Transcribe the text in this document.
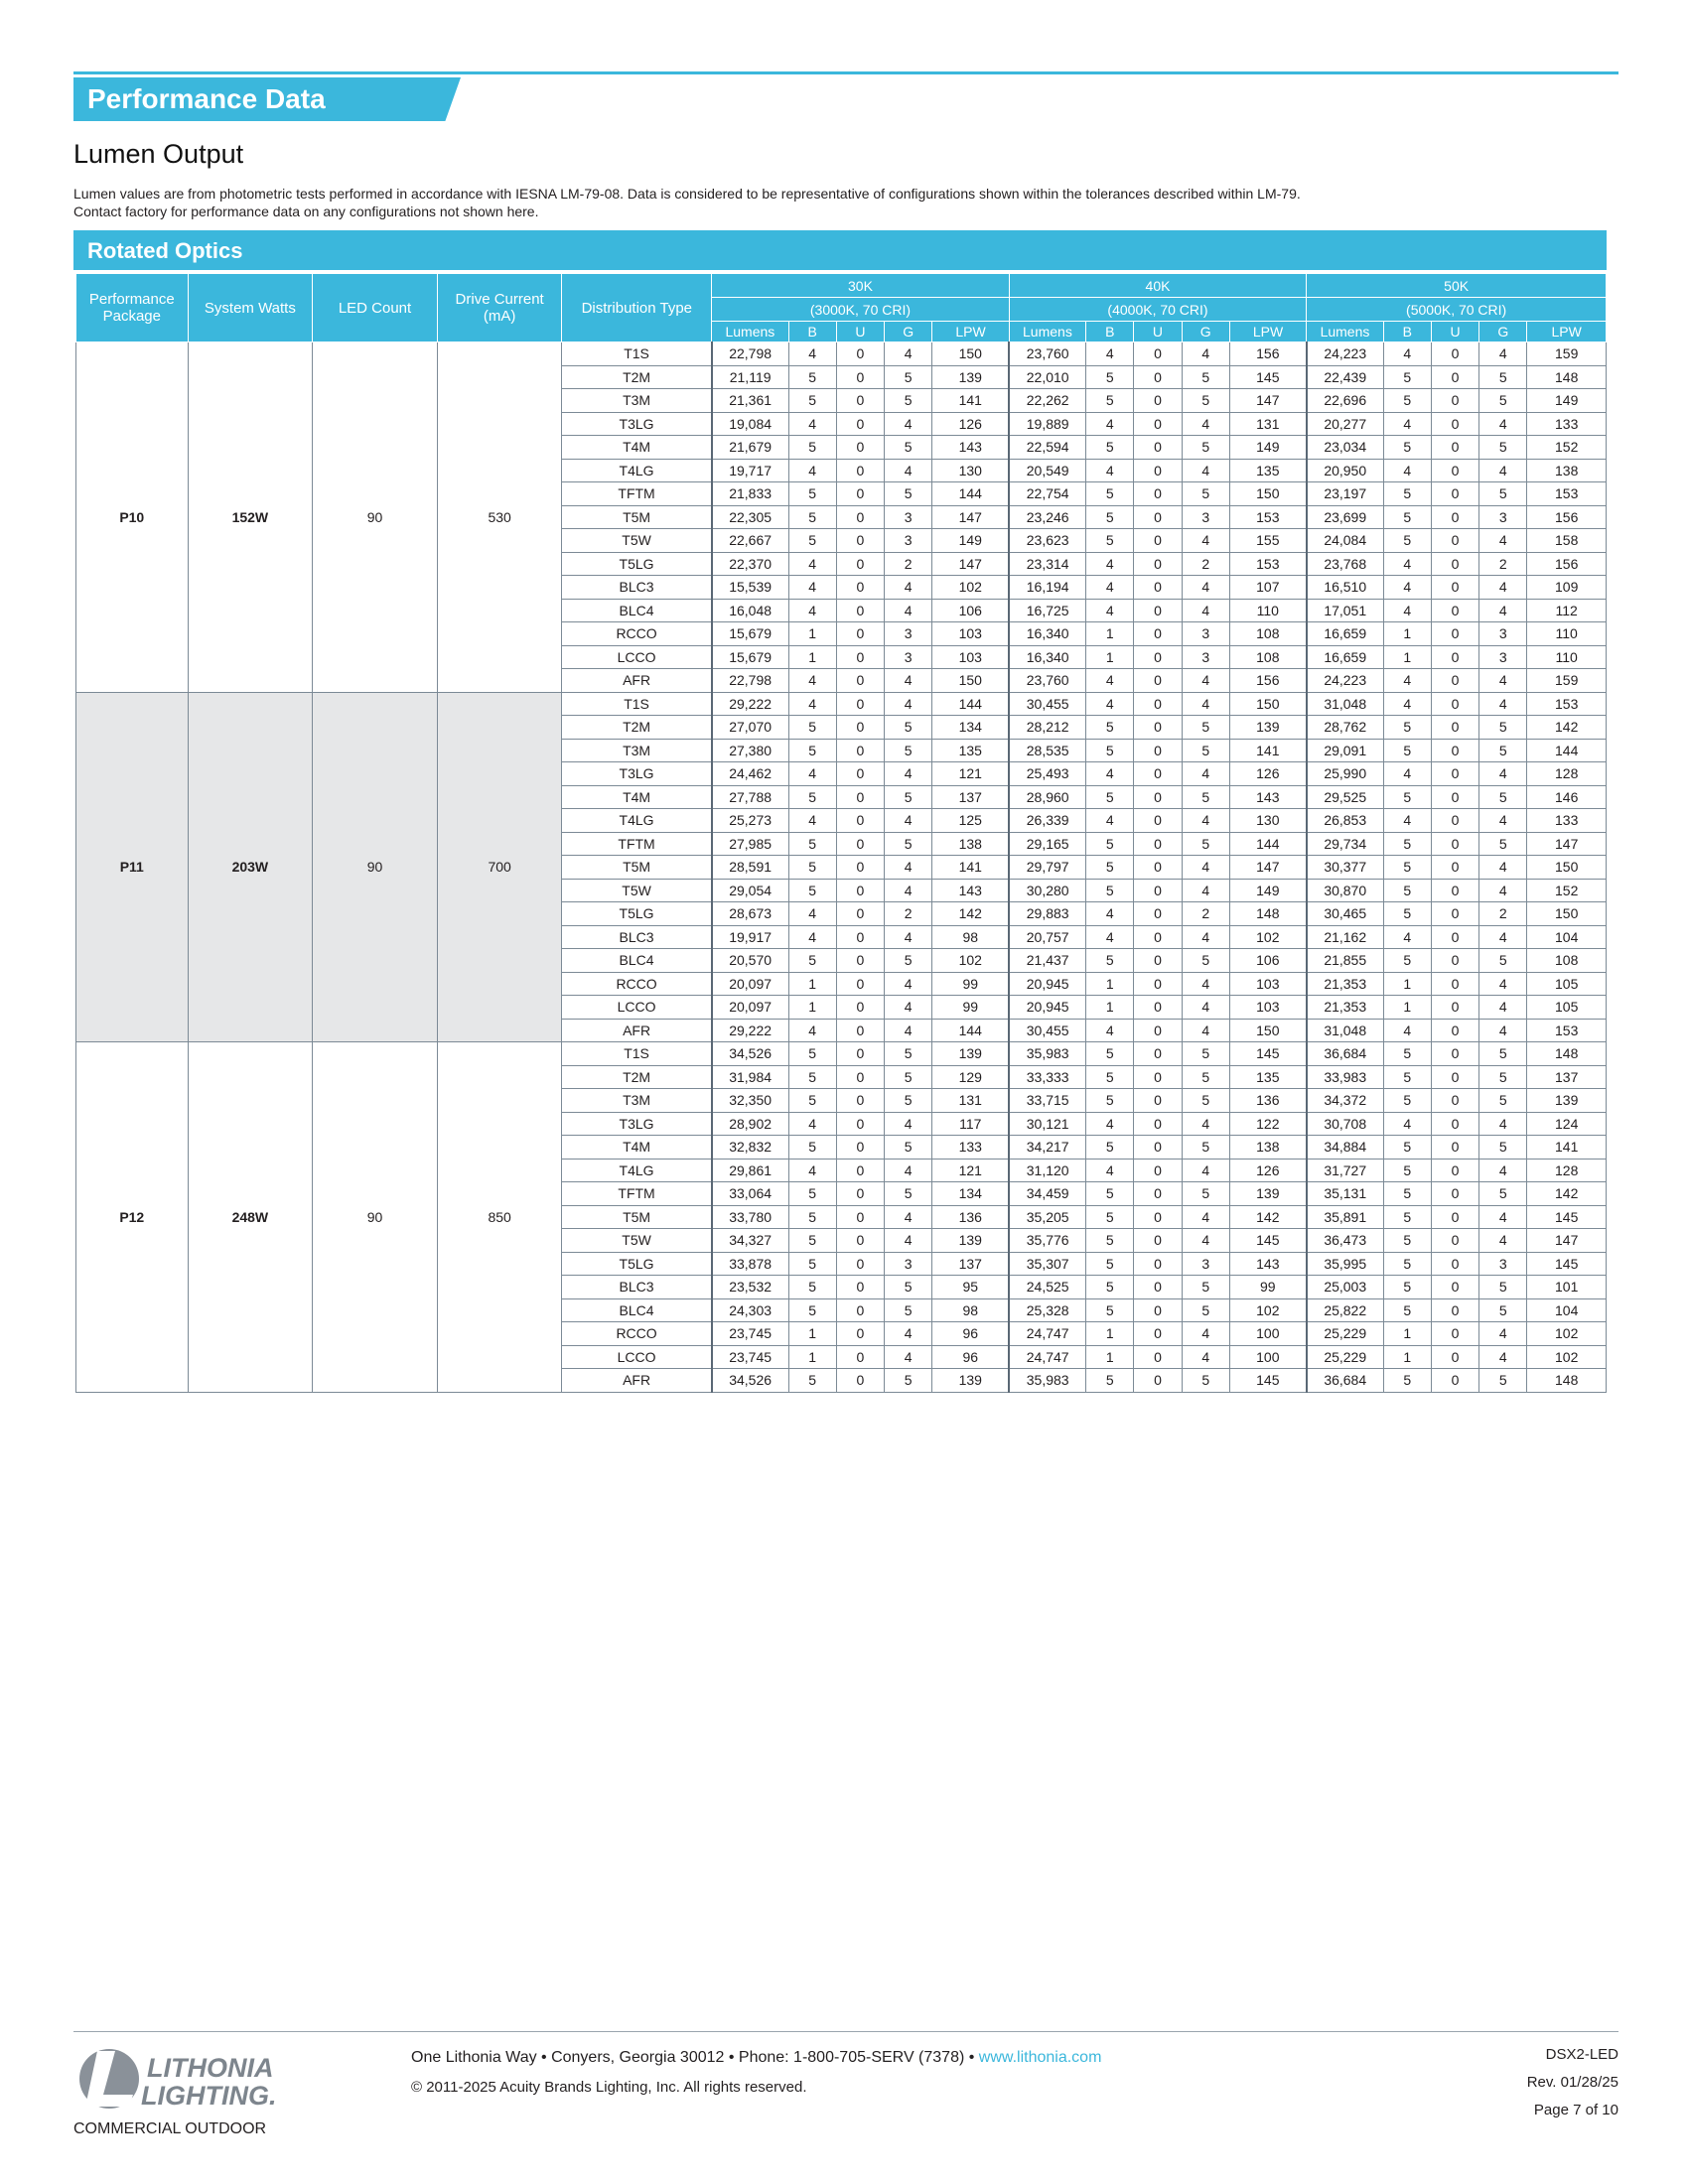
Performance Data
Lumen Output
Lumen values are from photometric tests performed in accordance with IESNA LM-79-08. Data is considered to be representative of configurations shown within the tolerances described within LM-79.
Contact factory for performance data on any configurations not shown here.
Rotated Optics
Performance Package	System Watts	LED Count	Drive Current (mA)	Distribution Type	30K					40K					50K				
					(3000K, 70 CRI)					(4000K, 70 CRI)					(5000K, 70 CRI)				
					Lumens	B	U	G	LPW	Lumens	B	U	G	LPW	Lumens	B	U	G	LPW
P10	152W	90	530	T1S	22,798	4	0	4	150	23,760	4	0	4	156	24,223	4	0	4	159
				T2M	21,119	5	0	5	139	22,010	5	0	5	145	22,439	5	0	5	148
				T3M	21,361	5	0	5	141	22,262	5	0	5	147	22,696	5	0	5	149
				T3LG	19,084	4	0	4	126	19,889	4	0	4	131	20,277	4	0	4	133
				T4M	21,679	5	0	5	143	22,594	5	0	5	149	23,034	5	0	5	152
				T4LG	19,717	4	0	4	130	20,549	4	0	4	135	20,950	4	0	4	138
				TFTM	21,833	5	0	5	144	22,754	5	0	5	150	23,197	5	0	5	153
				T5M	22,305	5	0	3	147	23,246	5	0	3	153	23,699	5	0	3	156
				T5W	22,667	5	0	3	149	23,623	5	0	4	155	24,084	5	0	4	158
				T5LG	22,370	4	0	2	147	23,314	4	0	2	153	23,768	4	0	2	156
				BLC3	15,539	4	0	4	102	16,194	4	0	4	107	16,510	4	0	4	109
				BLC4	16,048	4	0	4	106	16,725	4	0	4	110	17,051	4	0	4	112
				RCCO	15,679	1	0	3	103	16,340	1	0	3	108	16,659	1	0	3	110
				LCCO	15,679	1	0	3	103	16,340	1	0	3	108	16,659	1	0	3	110
				AFR	22,798	4	0	4	150	23,760	4	0	4	156	24,223	4	0	4	159
P11	203W	90	700	T1S	29,222	4	0	4	144	30,455	4	0	4	150	31,048	4	0	4	153
				T2M	27,070	5	0	5	134	28,212	5	0	5	139	28,762	5	0	5	142
				T3M	27,380	5	0	5	135	28,535	5	0	5	141	29,091	5	0	5	144
				T3LG	24,462	4	0	4	121	25,493	4	0	4	126	25,990	4	0	4	128
				T4M	27,788	5	0	5	137	28,960	5	0	5	143	29,525	5	0	5	146
				T4LG	25,273	4	0	4	125	26,339	4	0	4	130	26,853	4	0	4	133
				TFTM	27,985	5	0	5	138	29,165	5	0	5	144	29,734	5	0	5	147
				T5M	28,591	5	0	4	141	29,797	5	0	4	147	30,377	5	0	4	150
				T5W	29,054	5	0	4	143	30,280	5	0	4	149	30,870	5	0	4	152
				T5LG	28,673	4	0	2	142	29,883	4	0	2	148	30,465	5	0	2	150
				BLC3	19,917	4	0	4	98	20,757	4	0	4	102	21,162	4	0	4	104
				BLC4	20,570	5	0	5	102	21,437	5	0	5	106	21,855	5	0	5	108
				RCCO	20,097	1	0	4	99	20,945	1	0	4	103	21,353	1	0	4	105
				LCCO	20,097	1	0	4	99	20,945	1	0	4	103	21,353	1	0	4	105
				AFR	29,222	4	0	4	144	30,455	4	0	4	150	31,048	4	0	4	153
P12	248W	90	850	T1S	34,526	5	0	5	139	35,983	5	0	5	145	36,684	5	0	5	148
				T2M	31,984	5	0	5	129	33,333	5	0	5	135	33,983	5	0	5	137
				T3M	32,350	5	0	5	131	33,715	5	0	5	136	34,372	5	0	5	139
				T3LG	28,902	4	0	4	117	30,121	4	0	4	122	30,708	4	0	4	124
				T4M	32,832	5	0	5	133	34,217	5	0	5	138	34,884	5	0	5	141
				T4LG	29,861	4	0	4	121	31,120	4	0	4	126	31,727	5	0	4	128
				TFTM	33,064	5	0	5	134	34,459	5	0	5	139	35,131	5	0	5	142
				T5M	33,780	5	0	4	136	35,205	5	0	4	142	35,891	5	0	4	145
				T5W	34,327	5	0	4	139	35,776	5	0	4	145	36,473	5	0	4	147
				T5LG	33,878	5	0	3	137	35,307	5	0	3	143	35,995	5	0	3	145
				BLC3	23,532	5	0	5	95	24,525	5	0	5	99	25,003	5	0	5	101
				BLC4	24,303	5	0	5	98	25,328	5	0	5	102	25,822	5	0	5	104
				RCCO	23,745	1	0	4	96	24,747	1	0	4	100	25,229	1	0	4	102
				LCCO	23,745	1	0	4	96	24,747	1	0	4	100	25,229	1	0	4	102
				AFR	34,526	5	0	5	139	35,983	5	0	5	145	36,684	5	0	5	148
LITHONIA
LIGHTING.
COMMERCIAL OUTDOOR
One Lithonia Way • Conyers, Georgia 30012 • Phone: 1-800-705-SERV (7378) • www.lithonia.com
© 2011-2025 Acuity Brands Lighting, Inc. All rights reserved.
DSX2-LED
Rev. 01/28/25
Page 7 of 10
